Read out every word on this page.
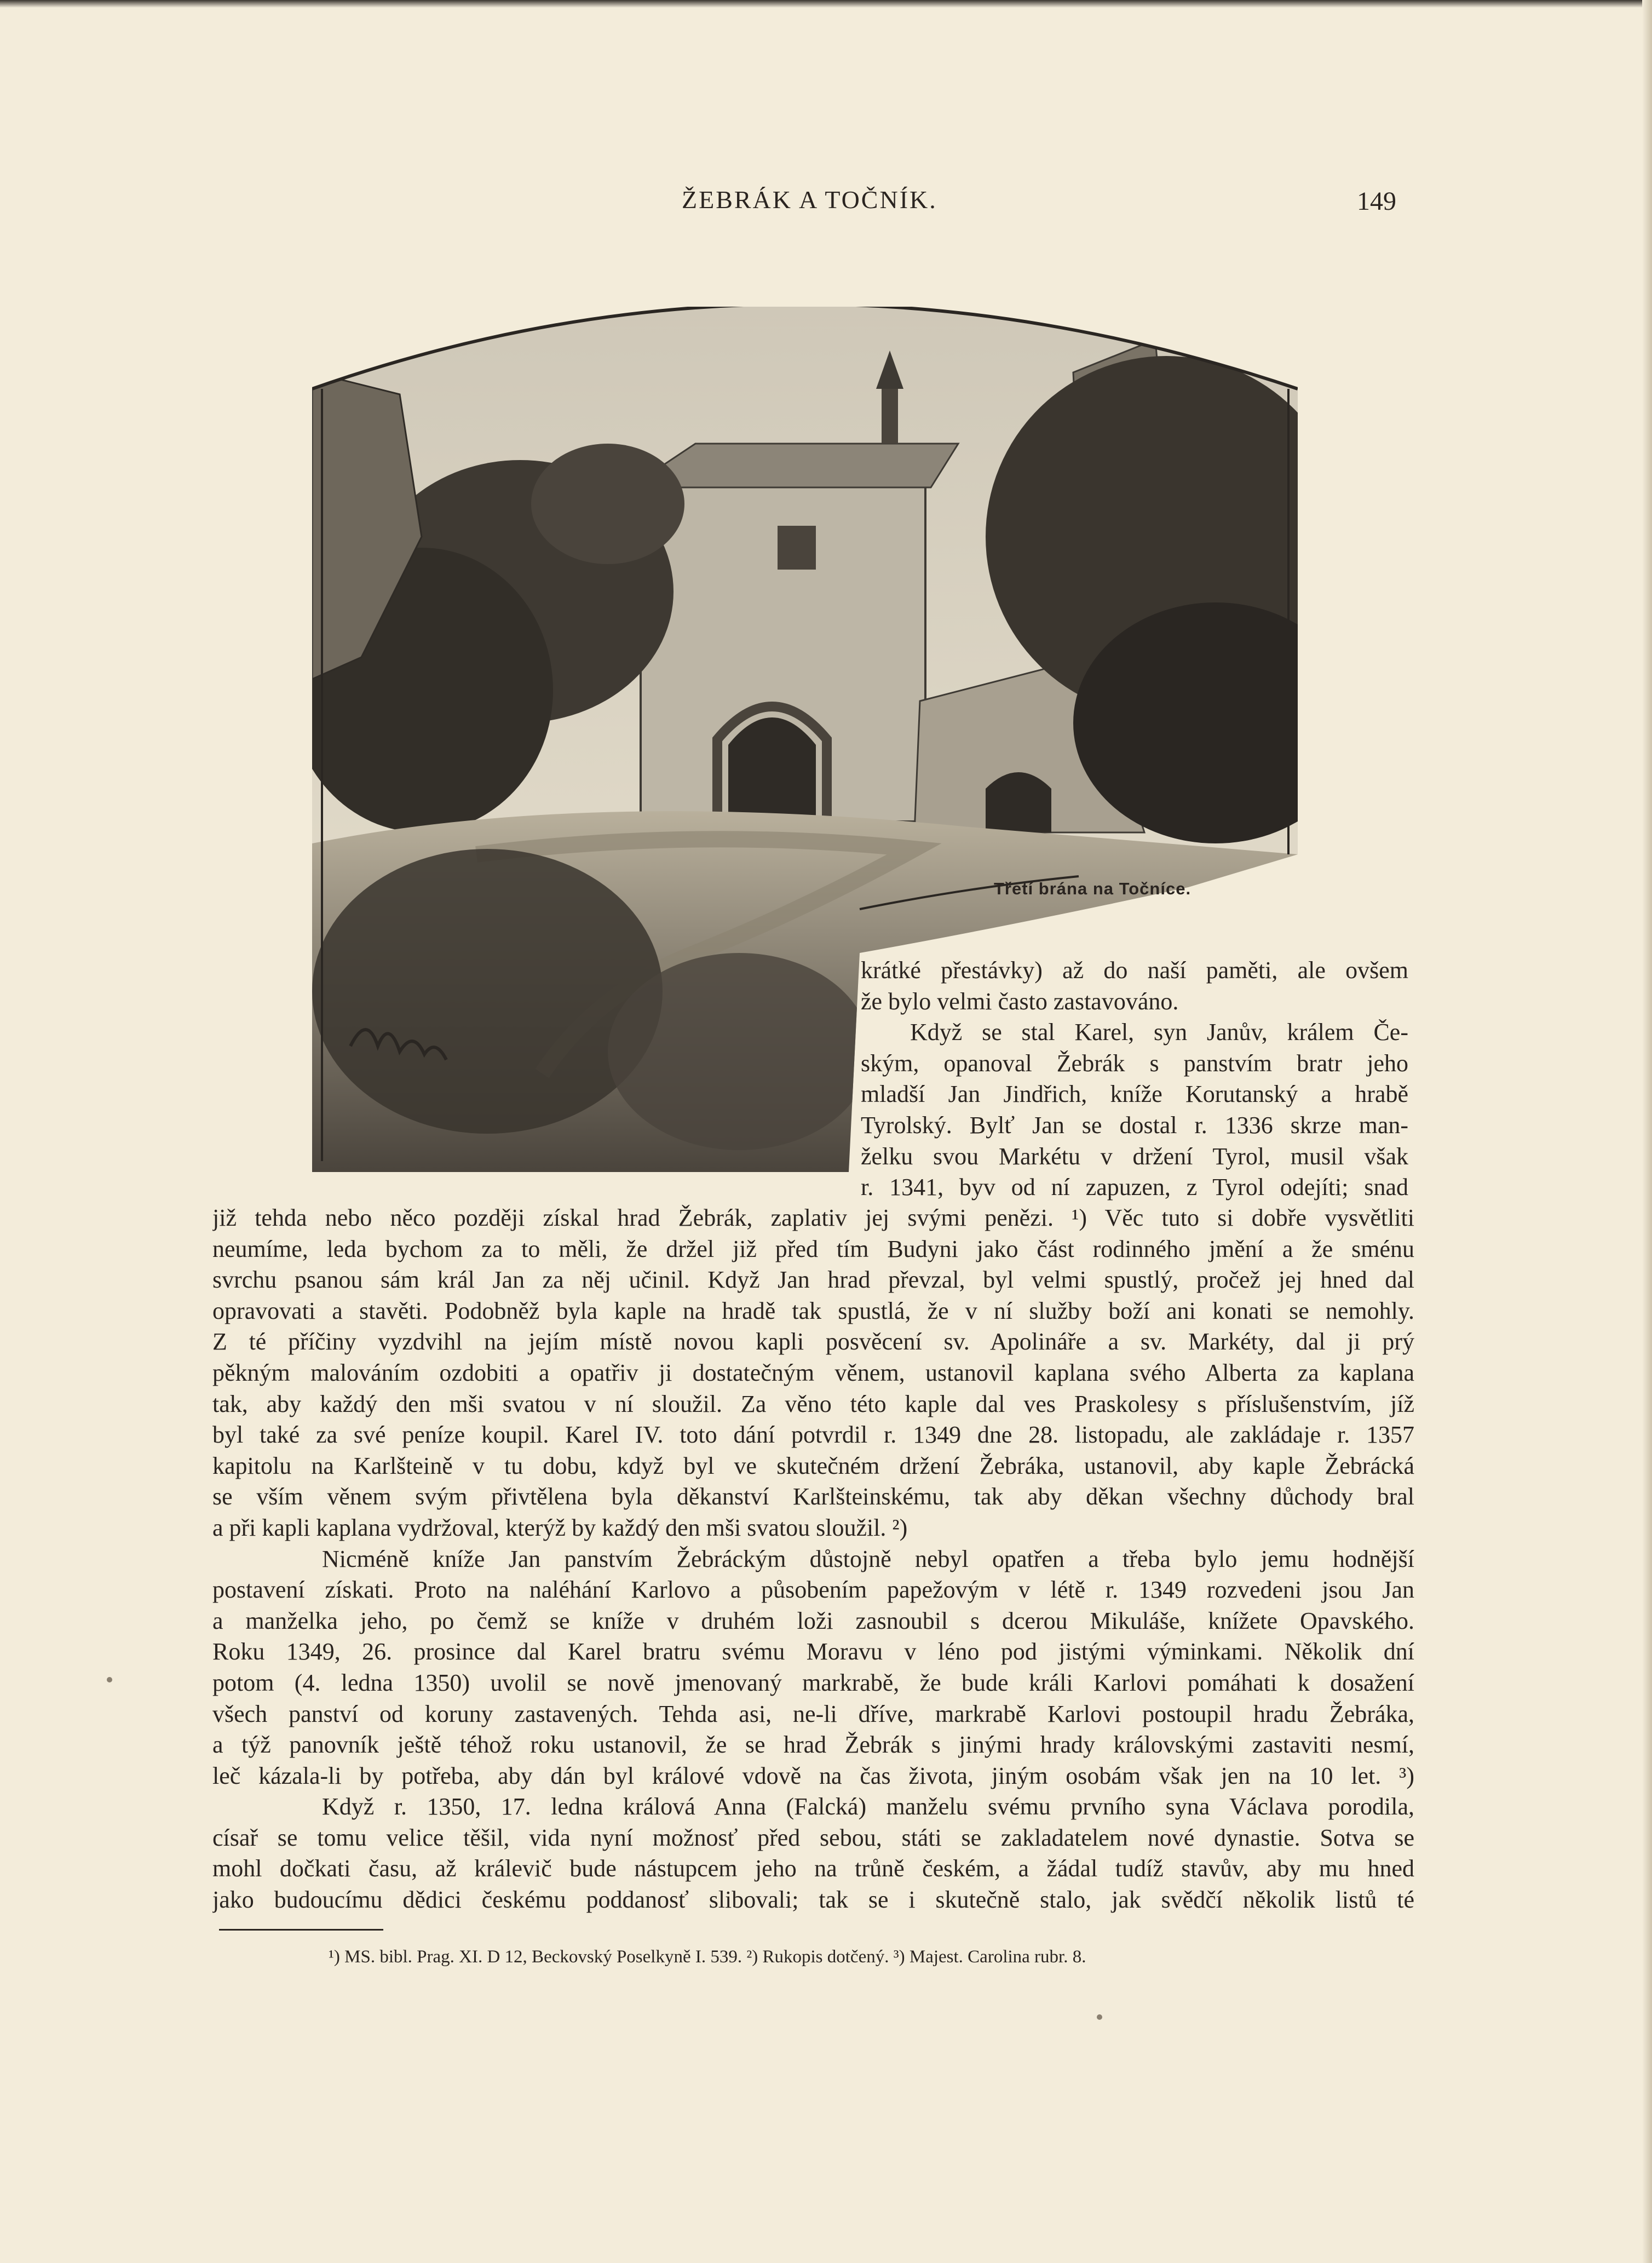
ŽEBRÁK A TOČNÍK.	149
Třetí brána na Točníce.
krátké přestávky) až do naší paměti, ale ovšem
že bylo velmi často zastavováno.
Když se stal Karel, syn Janův, králem Če-
ským, opanoval Žebrák s panstvím bratr jeho
mladší Jan Jindřich, kníže Korutanský a hrabě
Tyrolský. Bylť Jan se dostal r. 1336 skrze man-
želku svou Markétu v držení Tyrol, musil však
r. 1341, byv od ní zapuzen, z Tyrol odejíti; snad
již tehda nebo něco později získal hrad Žebrák, zaplativ jej svými penězi. ¹) Věc tuto si dobře vysvětliti
neumíme, leda bychom za to měli, že držel již před tím Budyni jako část rodinného jmění a že sménu
svrchu psanou sám král Jan za něj učinil. Když Jan hrad převzal, byl velmi spustlý, pročež jej hned dal
opravovati a stavěti. Podobněž byla kaple na hradě tak spustlá, že v ní služby boží ani konati se nemohly.
Z té příčiny vyzdvihl na jejím místě novou kapli posvěcení sv. Apolináře a sv. Markéty, dal ji prý
pěkným malováním ozdobiti a opatřiv ji dostatečným věnem, ustanovil kaplana svého Alberta za kaplana
tak, aby každý den mši svatou v ní sloužil. Za věno této kaple dal ves Praskolesy s příslušenstvím, jíž
byl také za své peníze koupil. Karel IV. toto dání potvrdil r. 1349 dne 28. listopadu, ale zakládaje r. 1357
kapitolu na Karlšteině v tu dobu, když byl ve skutečném držení Žebráka, ustanovil, aby kaple Žebrácká
se vším věnem svým přivtělena byla děkanství Karlšteinskému, tak aby děkan všechny důchody bral
a při kapli kaplana vydržoval, kterýž by každý den mši svatou sloužil. ²)
Nicméně kníže Jan panstvím Žebráckým důstojně nebyl opatřen a třeba bylo jemu hodnější
postavení získati. Proto na naléhání Karlovo a působením papežovým v létě r. 1349 rozvedeni jsou Jan
a manželka jeho, po čemž se kníže v druhém loži zasnoubil s dcerou Mikuláše, knížete Opavského.
Roku 1349, 26. prosince dal Karel bratru svému Moravu v léno pod jistými výminkami. Několik dní
potom (4. ledna 1350) uvolil se nově jmenovaný markrabě, že bude králi Karlovi pomáhati k dosažení
všech panství od koruny zastavených. Tehda asi, ne-li dříve, markrabě Karlovi postoupil hradu Žebráka,
a týž panovník ještě téhož roku ustanovil, že se hrad Žebrák s jinými hrady královskými zastaviti nesmí,
leč kázala-li by potřeba, aby dán byl králové vdově na čas života, jiným osobám však jen na 10 let. ³)
Když r. 1350, 17. ledna králová Anna (Falcká) manželu svému prvního syna Václava porodila,
císař se tomu velice těšil, vida nyní možnosť před sebou, státi se zakladatelem nové dynastie. Sotva se
mohl dočkati času, až králevič bude nástupcem jeho na trůně českém, a žádal tudíž stavův, aby mu hned
jako budoucímu dědici českému poddanosť slibovali; tak se i skutečně stalo, jak svědčí několik listů té
¹) MS. bibl. Prag. XI. D 12, Beckovský Poselkyně I. 539. ²) Rukopis dotčený. ³) Majest. Carolina rubr. 8.
